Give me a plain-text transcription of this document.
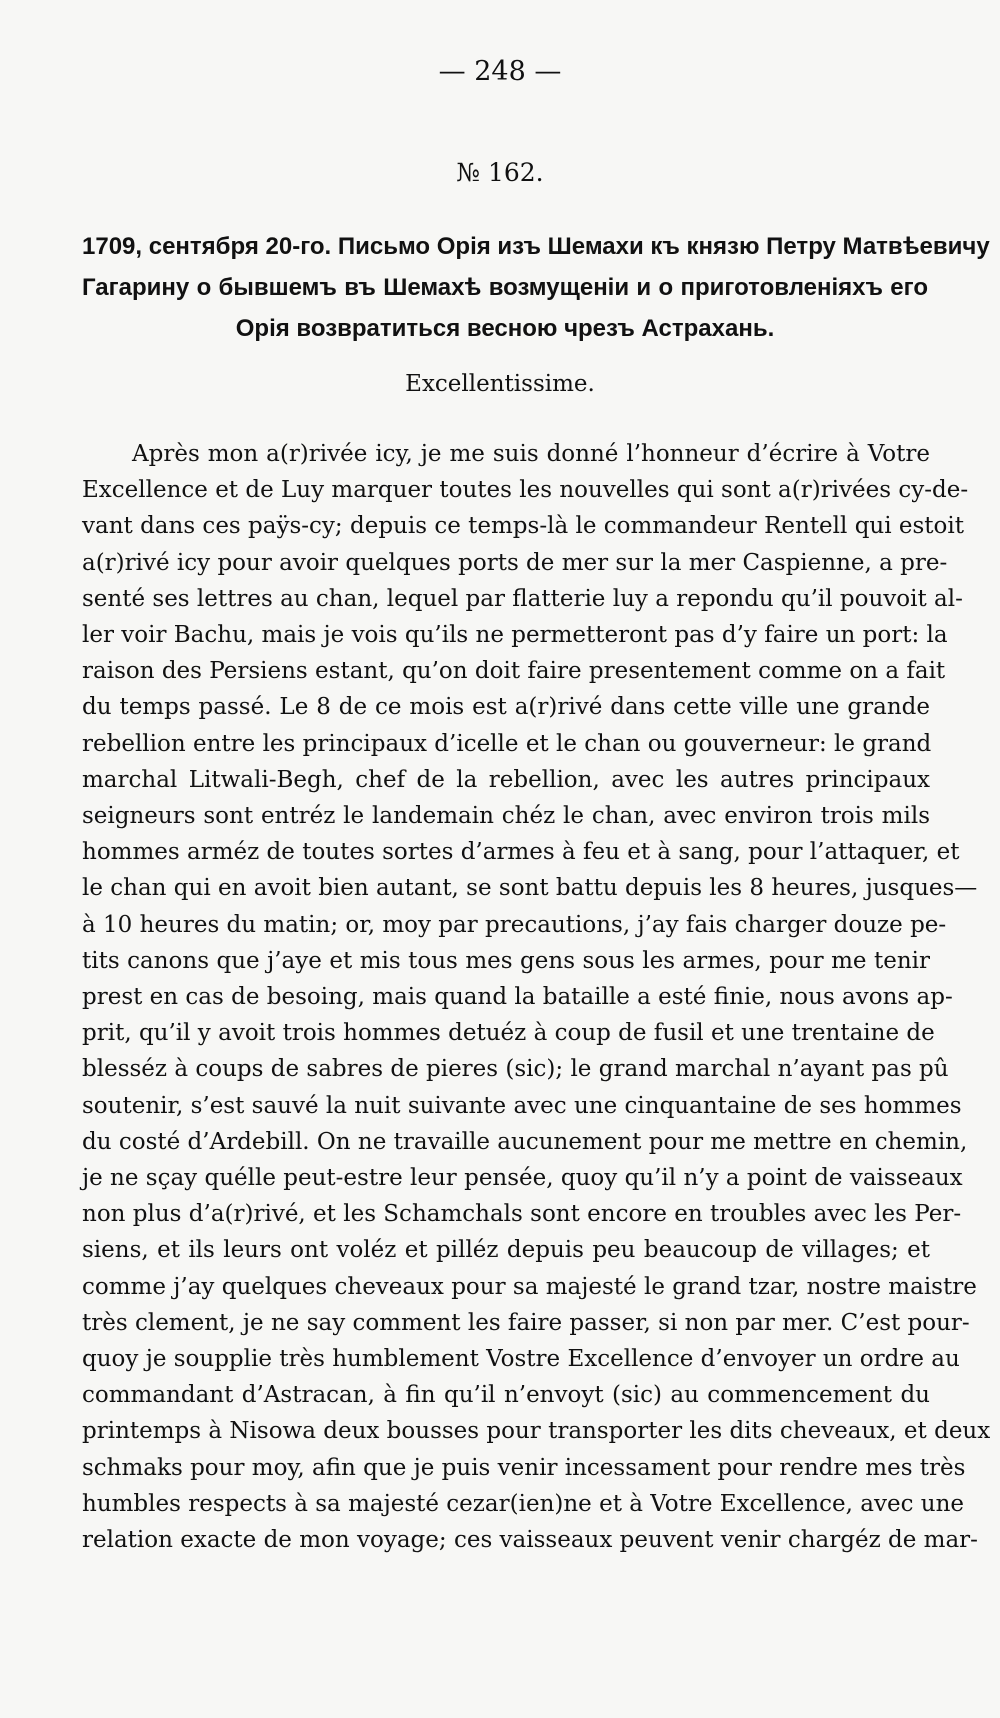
— 248 —
№ 162.
1709, сентября 20-го. Письмо Орія изъ Шемахи къ князю Петру Матвѣевичу
Гагарину о бывшемъ въ Шемахѣ возмущеніи и о приготовленіяхъ его
Орія возвратиться весною чрезъ Астрахань.
Excellentissime.
Après mon a(r)rivée icy, je me suis donné l’honneur d’écrire à Votre
Excellence et de Luy marquer toutes les nouvelles qui sont a(r)rivées cy-de-
vant dans ces paÿs-cy; depuis ce temps-là le commandeur Rentell qui estoit
a(r)rivé icy pour avoir quelques ports de mer sur la mer Caspienne, a pre-
senté ses lettres au chan, lequel par flatterie luy a repondu qu’il pouvoit al-
ler voir Bachu, mais je vois qu’ils ne permetteront pas d’y faire un port: la
raison des Persiens estant, qu’on doit faire presentement comme on a fait
du temps passé. Le 8 de ce mois est a(r)rivé dans cette ville une grande
rebellion entre les principaux d’icelle et le chan ou gouverneur: le grand
marchal Litwali-Begh, chef de la rebellion, avec les autres principaux
seigneurs sont entréz le landemain chéz le chan, avec environ trois mils
hommes arméz de toutes sortes d’armes à feu et à sang, pour l’attaquer, et
le chan qui en avoit bien autant, se sont battu depuis les 8 heures, jusques—
à 10 heures du matin; or, moy par precautions, j’ay fais charger douze pe-
tits canons que j’aye et mis tous mes gens sous les armes, pour me tenir
prest en cas de besoing, mais quand la bataille a esté finie, nous avons ap-
prit, qu’il y avoit trois hommes detuéz à coup de fusil et une trentaine de
blesséz à coups de sabres de pieres (sic); le grand marchal n’ayant pas pû
soutenir, s’est sauvé la nuit suivante avec une cinquantaine de ses hommes
du costé d’Ardebill. On ne travaille aucunement pour me mettre en chemin,
je ne sçay quélle peut-estre leur pensée, quoy qu’il n’y a point de vaisseaux
non plus d’a(r)rivé, et les Schamchals sont encore en troubles avec les Per-
siens, et ils leurs ont voléz et pilléz depuis peu beaucoup de villages; et
comme j’ay quelques cheveaux pour sa majesté le grand tzar, nostre maistre
très clement, je ne say comment les faire passer, si non par mer. C’est pour-
quoy je soupplie très humblement Vostre Excellence d’envoyer un ordre au
commandant d’Astracan, à fin qu’il n’envoyt (sic) au commencement du
printemps à Nisowa deux bousses pour transporter les dits cheveaux, et deux
schmaks pour moy, afin que je puis venir incessament pour rendre mes très
humbles respects à sa majesté cezar(ien)ne et à Votre Excellence, avec une
relation exacte de mon voyage; ces vaisseaux peuvent venir chargéz de mar-
